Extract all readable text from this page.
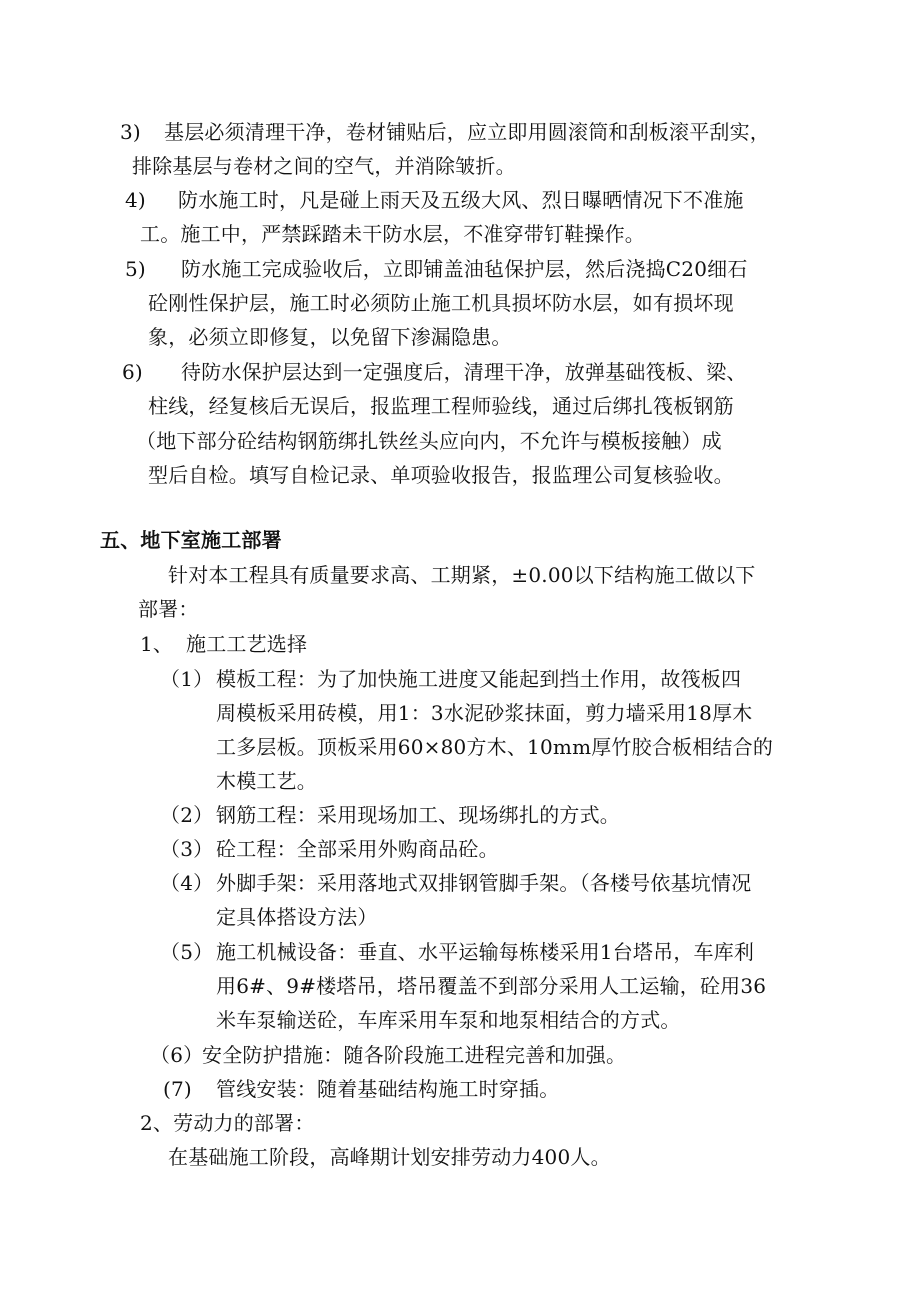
3) 基层必须清理干净，卷材铺贴后，应立即用圆滚筒和刮板滚平刮实，
排除基层与卷材之间的空气，并消除皱折。
4) 防水施工时，凡是碰上雨天及五级大风、烈日曝晒情况下不准施
工。施工中，严禁踩踏未干防水层，不准穿带钉鞋操作。
5) 防水施工完成验收后，立即铺盖油毡保护层，然后浇捣C20细石
砼刚性保护层，施工时必须防止施工机具损坏防水层，如有损坏现
象，必须立即修复，以免留下渗漏隐患。
6) 待防水保护层达到一定强度后，清理干净，放弹基础筏板、梁、
柱线，经复核后无误后，报监理工程师验线，通过后绑扎筏板钢筋
（地下部分砼结构钢筋绑扎铁丝头应向内，不允许与模板接触）成
型后自检。填写自检记录、单项验收报告，报监理公司复核验收。
五、地下室施工部署
针对本工程具有质量要求高、工期紧，±0.00以下结构施工做以下
部署：
1、 施工工艺选择
（1） 模板工程：为了加快施工进度又能起到挡土作用，故筏板四
周模板采用砖模，用1：3水泥砂浆抹面，剪力墙采用18厚木
工多层板。顶板采用60×80方木、10mm厚竹胶合板相结合的
木模工艺。
（2） 钢筋工程：采用现场加工、现场绑扎的方式。
（3） 砼工程：全部采用外购商品砼。
（4） 外脚手架：采用落地式双排钢管脚手架。（各楼号依基坑情况
定具体搭设方法）
（5） 施工机械设备：垂直、水平运输每栋楼采用1台塔吊，车库利
用6#、9#楼塔吊，塔吊覆盖不到部分采用人工运输，砼用36
米车泵输送砼，车库采用车泵和地泵相结合的方式。
（6）
安全防护措施：随各阶段施工进程完善和加强。
(7) 管线安装：随着基础结构施工时穿插。
2、劳动力的部署：
在基础施工阶段，高峰期计划安排劳动力400人。
